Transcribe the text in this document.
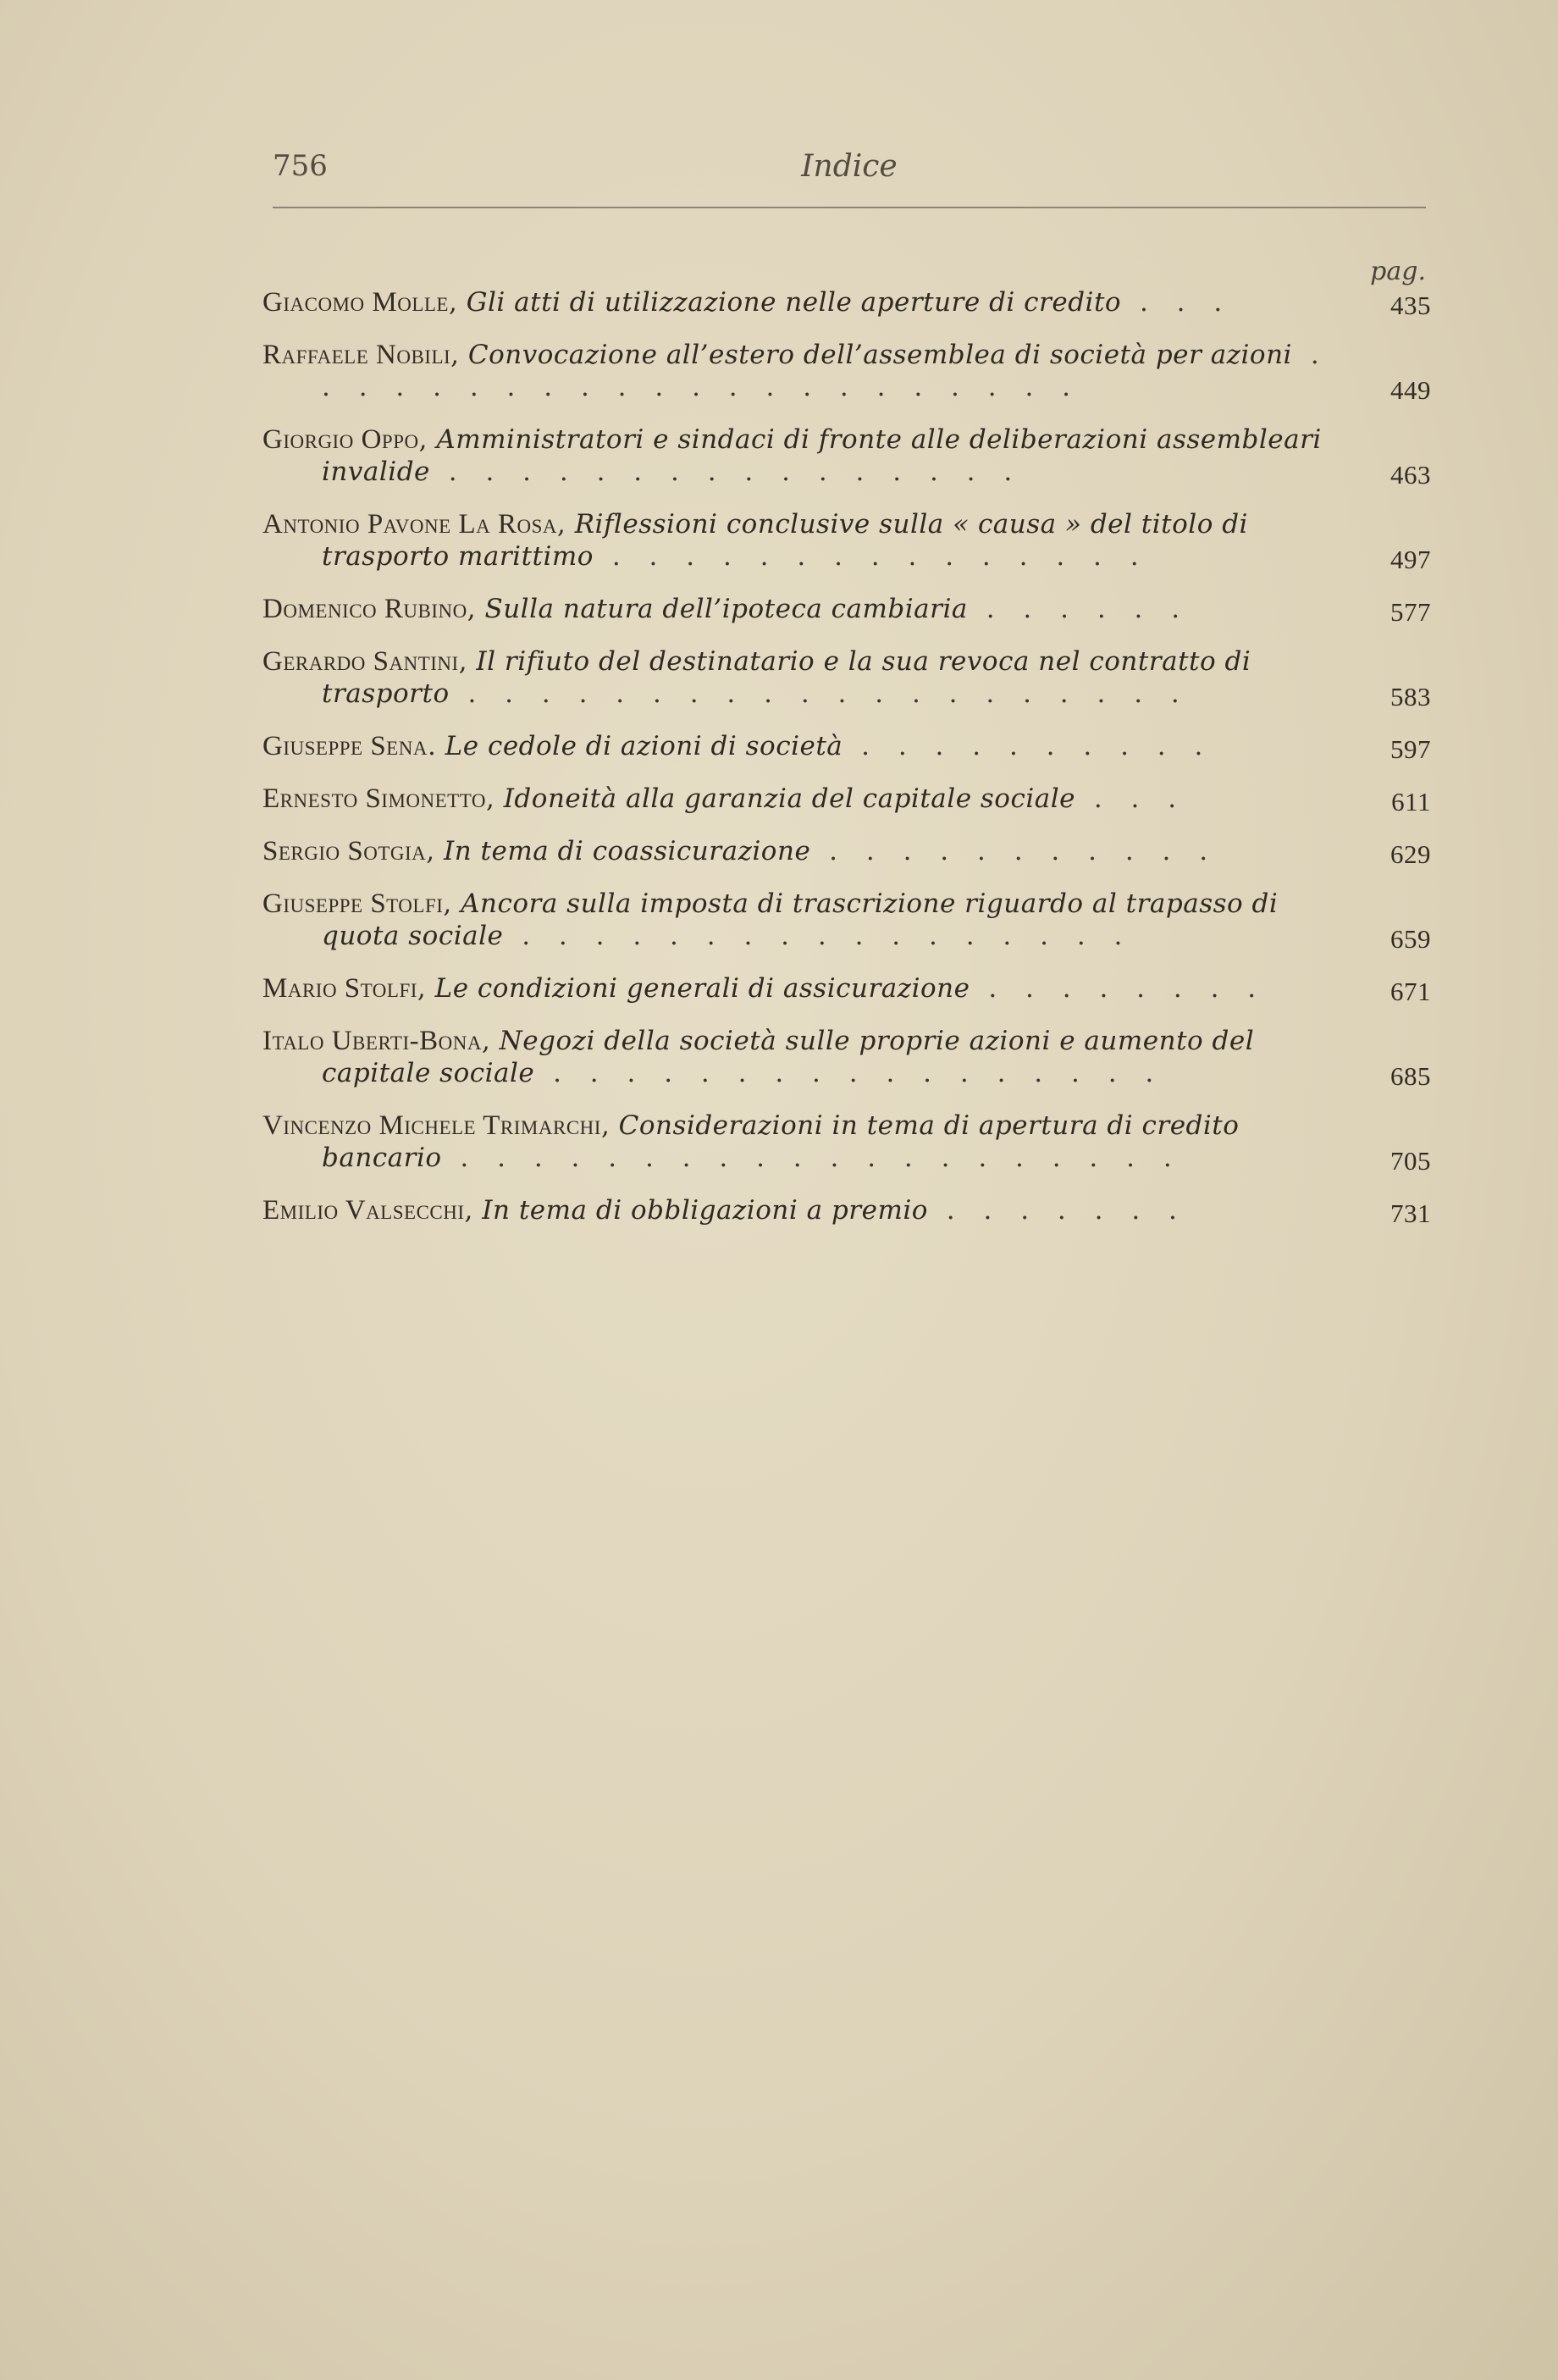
756	Indice
pag.
Giacomo Molle, Gli atti di utilizzazione nelle aperture di credito . . .	435
Raffaele Nobili, Convocazione all’estero dell’assemblea di società per azioni . . . . . . . . . . . . . . . . . . . . . .	449
Giorgio Oppo, Amministratori e sindaci di fronte alle deliberazioni assembleari invalide . . . . . . . . . . . . . . . .	463
Antonio Pavone La Rosa, Riflessioni conclusive sulla « causa » del titolo di trasporto marittimo . . . . . . . . . . . . . . .	497
Domenico Rubino, Sulla natura dell’ipoteca cambiaria . . . . . .	577
Gerardo Santini, Il rifiuto del destinatario e la sua revoca nel contratto di trasporto . . . . . . . . . . . . . . . . . . . .	583
Giuseppe Sena. Le cedole di azioni di società . . . . . . . . . .	597
Ernesto Simonetto, Idoneità alla garanzia del capitale sociale . . .	611
Sergio Sotgia, In tema di coassicurazione . . . . . . . . . . .	629
Giuseppe Stolfi, Ancora sulla imposta di trascrizione riguardo al trapasso di quota sociale . . . . . . . . . . . . . . . . .	659
Mario Stolfi, Le condizioni generali di assicurazione . . . . . . . .	671
Italo Uberti-Bona, Negozi della società sulle proprie azioni e aumento del capitale sociale . . . . . . . . . . . . . . . . .	685
Vincenzo Michele Trimarchi, Considerazioni in tema di apertura di credito bancario . . . . . . . . . . . . . . . . . . . .	705
Emilio Valsecchi, In tema di obbligazioni a premio . . . . . . .	731
